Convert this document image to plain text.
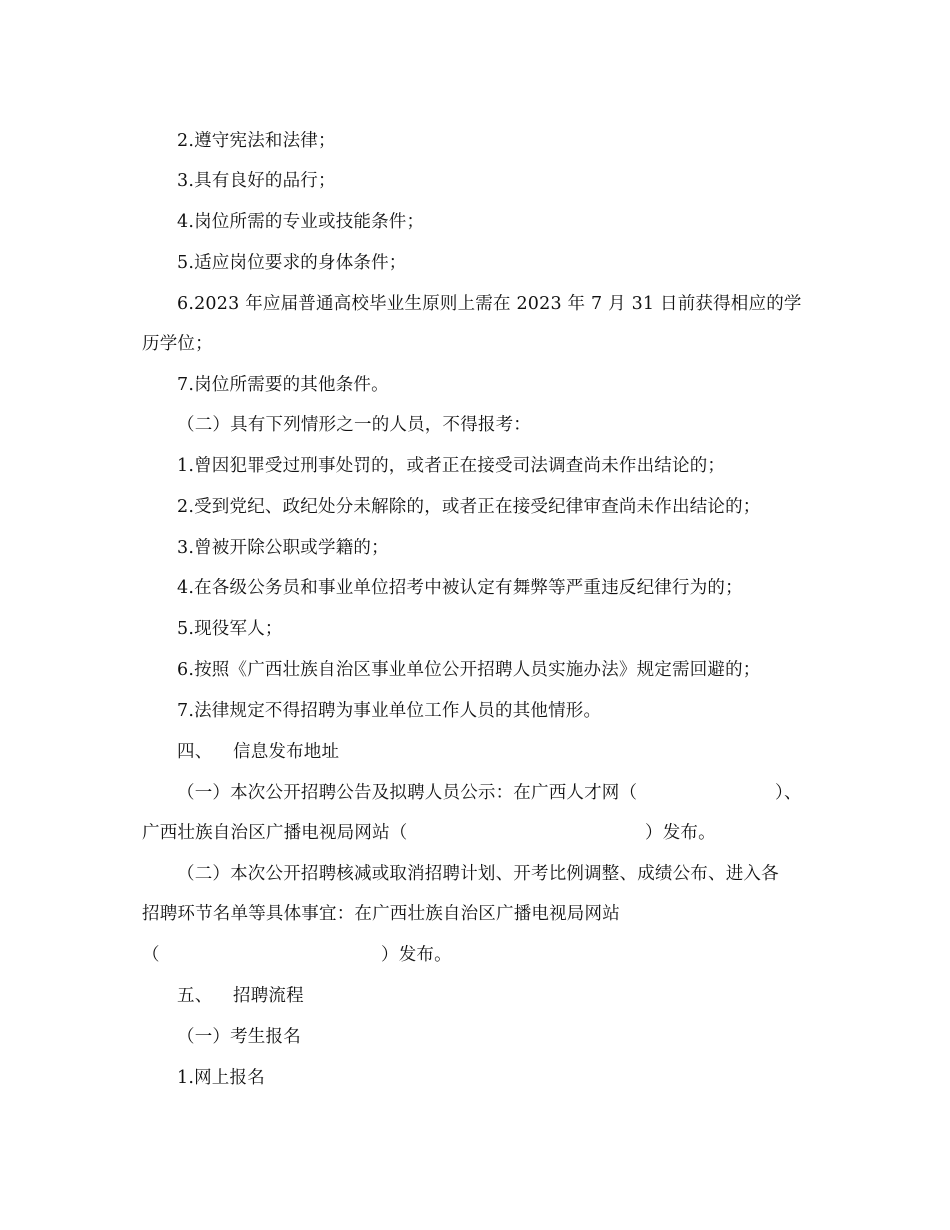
2.遵守宪法和法律；
3.具有良好的品行；
4.岗位所需的专业或技能条件；
5.适应岗位要求的身体条件；
6.2023 年应届普通高校毕业生原则上需在 2023 年 7 月 31 日前获得相应的学
历学位；
7.岗位所需要的其他条件。
（二）具有下列情形之一的人员，不得报考：
1.曾因犯罪受过刑事处罚的，或者正在接受司法调查尚未作出结论的；
2.受到党纪、政纪处分未解除的，或者正在接受纪律审查尚未作出结论的；
3.曾被开除公职或学籍的；
4.在各级公务员和事业单位招考中被认定有舞弊等严重违反纪律行为的；
5.现役军人；
6.按照《广西壮族自治区事业单位公开招聘人员实施办法》规定需回避的；
7.法律规定不得招聘为事业单位工作人员的其他情形。
四、 信息发布地址
（一）本次公开招聘公告及拟聘人员公示：在广西人才网（	）、
广西壮族自治区广播电视局网站（	）发布。
（二）本次公开招聘核减或取消招聘计划、开考比例调整、成绩公布、进入各
招聘环节名单等具体事宜：在广西壮族自治区广播电视局网站
（	）发布。
五、 招聘流程
（一）考生报名
1.网上报名
